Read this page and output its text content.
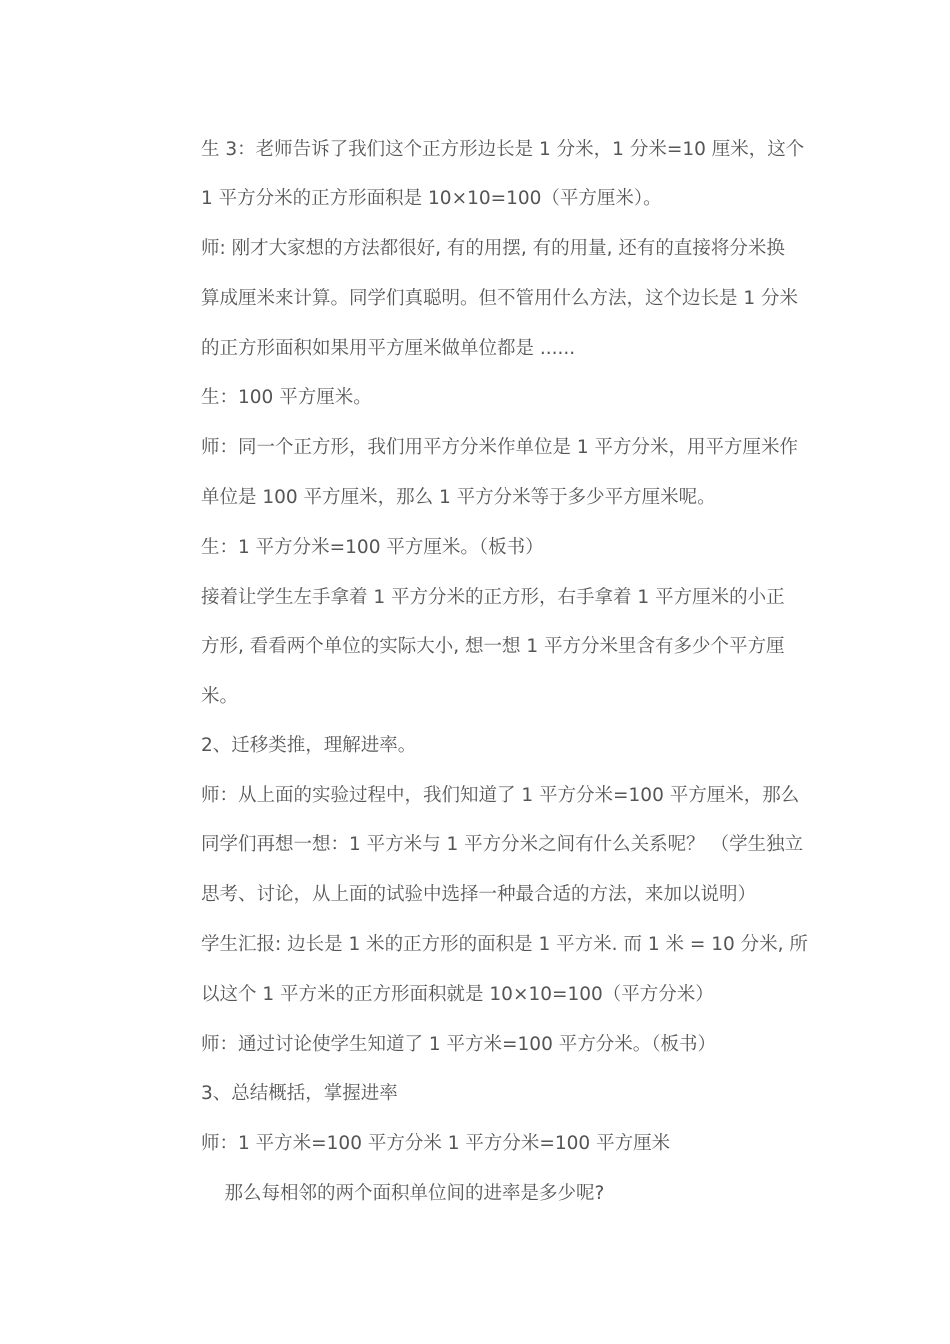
生 3：老师告诉了我们这个正方形边长是 1 分米，1 分米=10 厘米，这个
1 平方分米的正方形面积是 10×10=100（平方厘米）。
师: 刚才大家想的方法都很好, 有的用摆, 有的用量, 还有的直接将分米换
算成厘米来计算。同学们真聪明。但不管用什么方法，这个边长是 1 分米
的正方形面积如果用平方厘米做单位都是 ......
生：100 平方厘米。
师：同一个正方形，我们用平方分米作单位是 1 平方分米，用平方厘米作
单位是 100 平方厘米，那么 1 平方分米等于多少平方厘米呢。
生：1 平方分米=100 平方厘米。（板书）
接着让学生左手拿着 1 平方分米的正方形，右手拿着 1 平方厘米的小正
方形, 看看两个单位的实际大小, 想一想 1 平方分米里含有多少个平方厘
米。
2、迁移类推，理解进率。
师：从上面的实验过程中，我们知道了 1 平方分米=100 平方厘米，那么
同学们再想一想：1 平方米与 1 平方分米之间有什么关系呢？ （学生独立
思考、讨论，从上面的试验中选择一种最合适的方法，来加以说明）
学生汇报: 边长是 1 米的正方形的面积是 1 平方米. 而 1 米 = 10 分米, 所
以这个 1 平方米的正方形面积就是 10×10=100（平方分米）
师：通过讨论使学生知道了 1 平方米=100 平方分米。（板书）
3、总结概括，掌握进率
师：1 平方米=100 平方分米 1 平方分米=100 平方厘米
那么每相邻的两个面积单位间的进率是多少呢?
